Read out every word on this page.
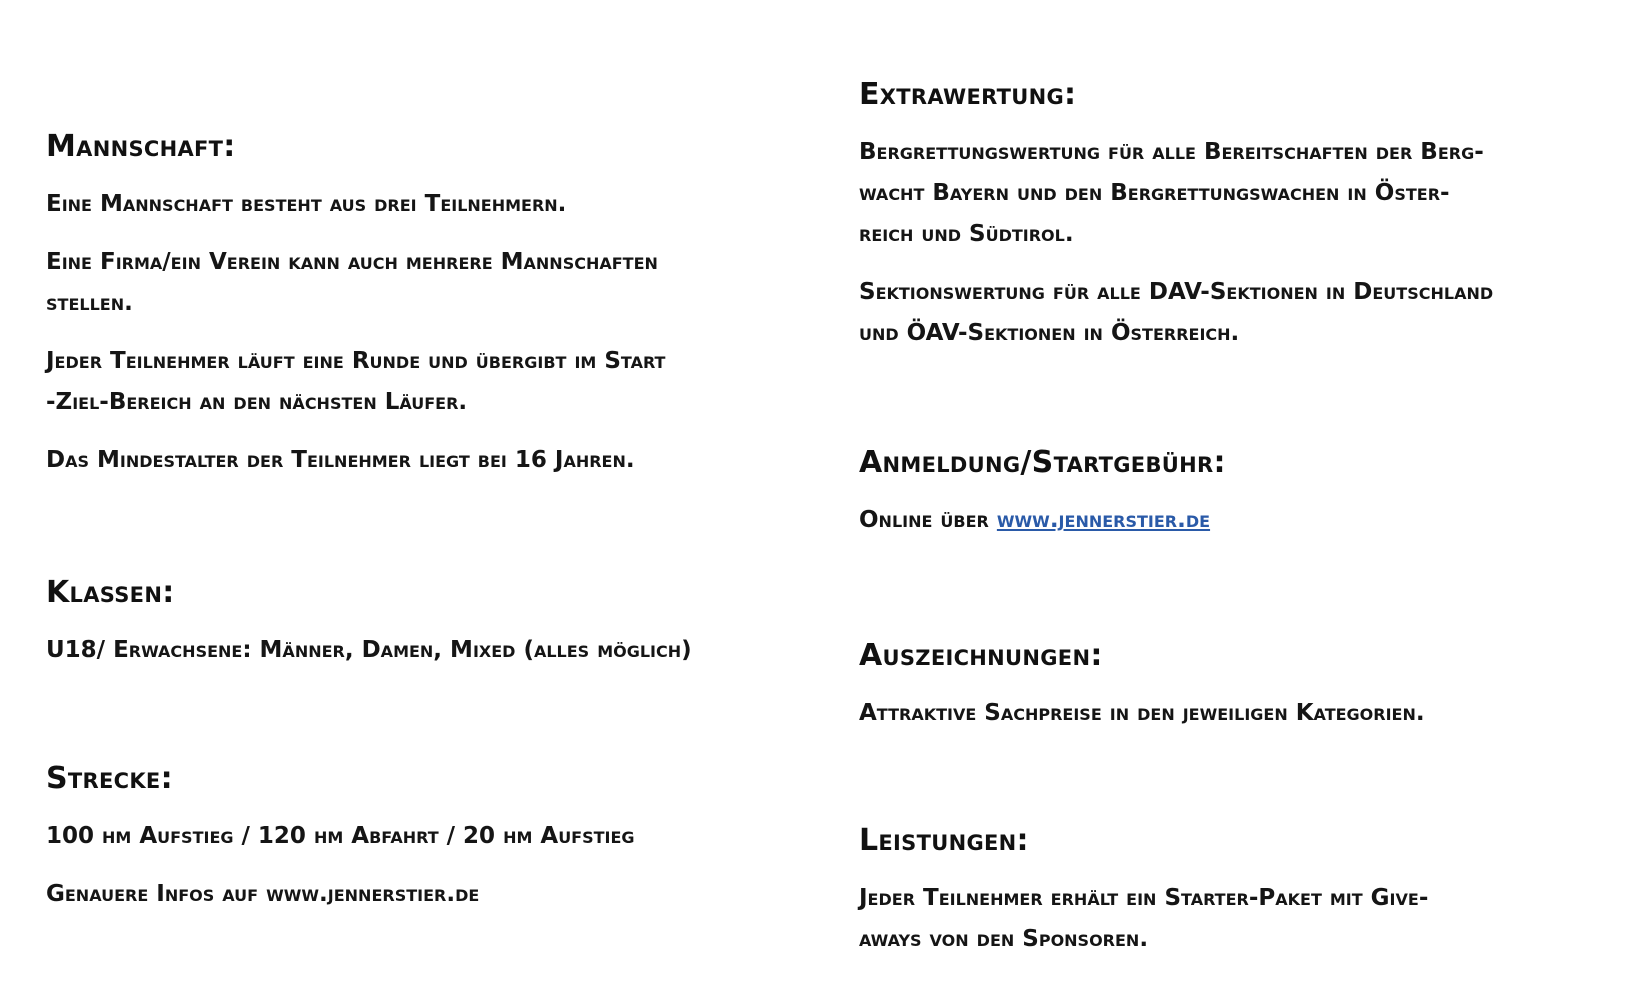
Mannschaft:

Eine Mannschaft besteht aus drei Teilnehmern.

Eine Firma/ein Verein kann auch mehrere Mannschaften

stellen.

Jeder Teilnehmer läuft eine Runde und übergibt im Start

-Ziel-Bereich an den nächsten Läufer.

Das Mindestalter der Teilnehmer liegt bei 16 Jahren.

Klassen:

U18/ Erwachsene: Männer, Damen, Mixed (alles möglich)

Strecke:

100 hm Aufstieg / 120 hm Abfahrt / 20 hm Aufstieg

Genauere Infos auf www.jennerstier.de

Extrawertung:

Bergrettungswertung für alle Bereitschaften der Berg-

wacht Bayern und den Bergrettungswachen in Öster-

reich und Südtirol.

Sektionswertung für alle DAV-Sektionen in Deutschland

und ÖAV-Sektionen in Österreich.

Anmeldung/Startgebühr:

Online über www.jennerstier.de

Auszeichnungen:

Attraktive Sachpreise in den jeweiligen Kategorien.

Leistungen:

Jeder Teilnehmer erhält ein Starter-Paket mit Give-

aways von den Sponsoren.
